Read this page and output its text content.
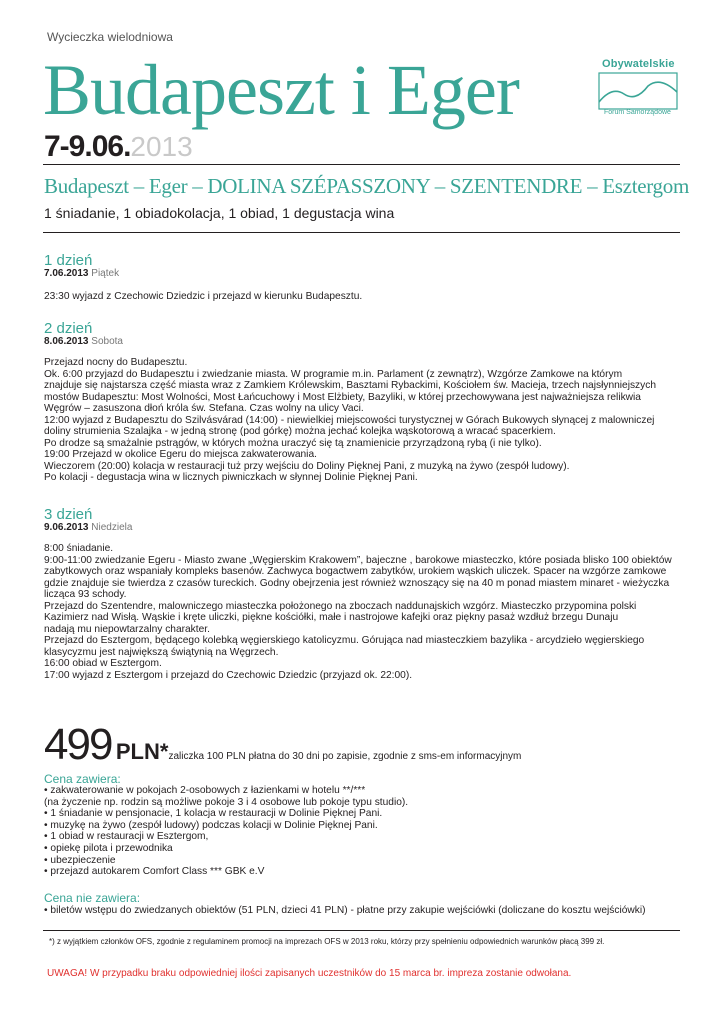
Wycieczka wielodniowa
Budapeszt i Eger
7-9.06.2013
Obywatelskie
Forum Samorządowe
Budapeszt – Eger – DOLINA SZÉPASSZONY – SZENTENDRE – Esztergom
1 śniadanie, 1 obiadokolacja, 1 obiad, 1 degustacja wina
1 dzień
7.06.2013 Piątek

23:30 wyjazd z Czechowic Dziedzic i przejazd w kierunku Budapesztu.

2 dzień
8.06.2013 Sobota

Przejazd nocny do Budapesztu.

Ok. 6:00 przyjazd do Budapesztu i zwiedzanie miasta. W programie m.in. Parlament (z zewnątrz), Wzgórze Zamkowe na którym

znajduje się najstarsza część miasta wraz z Zamkiem Królewskim, Basztami Rybackimi, Kościołem św. Macieja, trzech najsłynniejszych

mostów Budapesztu: Most Wolności, Most Łańcuchowy i Most Elżbiety, Bazyliki, w której przechowywana jest najważniejsza relikwia

Węgrów – zasuszona dłoń króla św. Stefana. Czas wolny na ulicy Vaci.

12:00 wyjazd z Budapesztu do Szilvásvárad (14:00) - niewielkiej miejscowości turystycznej w Górach Bukowych słynącej z malowniczej

doliny strumienia Szalajka - w jedną stronę (pod górkę) można jechać kolejka wąskotorową a wracać spacerkiem.

Po drodze są smażalnie pstrągów, w których można uraczyć się tą znamienicie przyrządzoną rybą (i nie tylko).

19:00 Przejazd w okolice Egeru do miejsca zakwaterowania.

Wieczorem (20:00) kolacja w restauracji tuż przy wejściu do Doliny Pięknej Pani, z muzyką na żywo (zespół ludowy).

Po kolacji - degustacja wina w licznych piwniczkach w słynnej Dolinie Pięknej Pani.

3 dzień
9.06.2013 Niedziela

8:00 śniadanie.

9:00-11:00 zwiedzanie Egeru - Miasto zwane „Węgierskim Krakowem”, bajeczne , barokowe miasteczko, które posiada blisko 100 obiektów

zabytkowych oraz wspaniały kompleks basenów. Zachwyca bogactwem zabytków, urokiem wąskich uliczek. Spacer na wzgórze zamkowe

gdzie znajduje sie twierdza z czasów tureckich. Godny obejrzenia jest również wznoszący się na 40 m ponad miastem minaret - wieżyczka

licząca 93 schody.

Przejazd do Szentendre, malowniczego miasteczka położonego na zboczach naddunajskich wzgórz. Miasteczko przypomina polski

Kazimierz nad Wisłą. Wąskie i kręte uliczki, piękne kościółki, małe i nastrojowe kafejki oraz piękny pasaż wzdłuż brzegu Dunaju

nadają mu niepowtarzalny charakter.

Przejazd do Esztergom, będącego kolebką węgierskiego katolicyzmu. Górująca nad miasteczkiem bazylika - arcydzieło węgierskiego

klasycyzmu jest największą świątynią na Węgrzech.

16:00 obiad w Esztergom.

17:00 wyjazd z Esztergom i przejazd do Czechowic Dziedzic (przyjazd ok. 22:00).

499 PLN*zaliczka 100 PLN płatna do 30 dni po zapisie, zgodnie z sms-em informacyjnym
Cena zawiera:
• zakwaterowanie w pokojach 2-osobowych z łazienkami w hotelu **/***
(na życzenie np. rodzin są możliwe pokoje 3 i 4 osobowe lub pokoje typu studio).
• 1 śniadanie w pensjonacie, 1 kolacja w restauracji w Dolinie Pięknej Pani.
• muzykę na żywo (zespół ludowy) podczas kolacji w Dolinie Pięknej Pani.
• 1 obiad w restauracji w Esztergom,
• opiekę pilota i przewodnika
• ubezpieczenie
• przejazd autokarem Comfort Class *** GBK e.V
Cena nie zawiera:
• biletów wstępu do zwiedzanych obiektów (51 PLN, dzieci 41 PLN) - płatne przy zakupie wejściówki (doliczane do kosztu wejściówki)
*) z wyjątkiem członków OFS, zgodnie z regulaminem promocji na imprezach OFS w 2013 roku, którzy przy spełnieniu odpowiednich warunków płacą 399 zł.
UWAGA! W przypadku braku odpowiedniej ilości zapisanych uczestników do 15 marca br. impreza zostanie odwołana.
